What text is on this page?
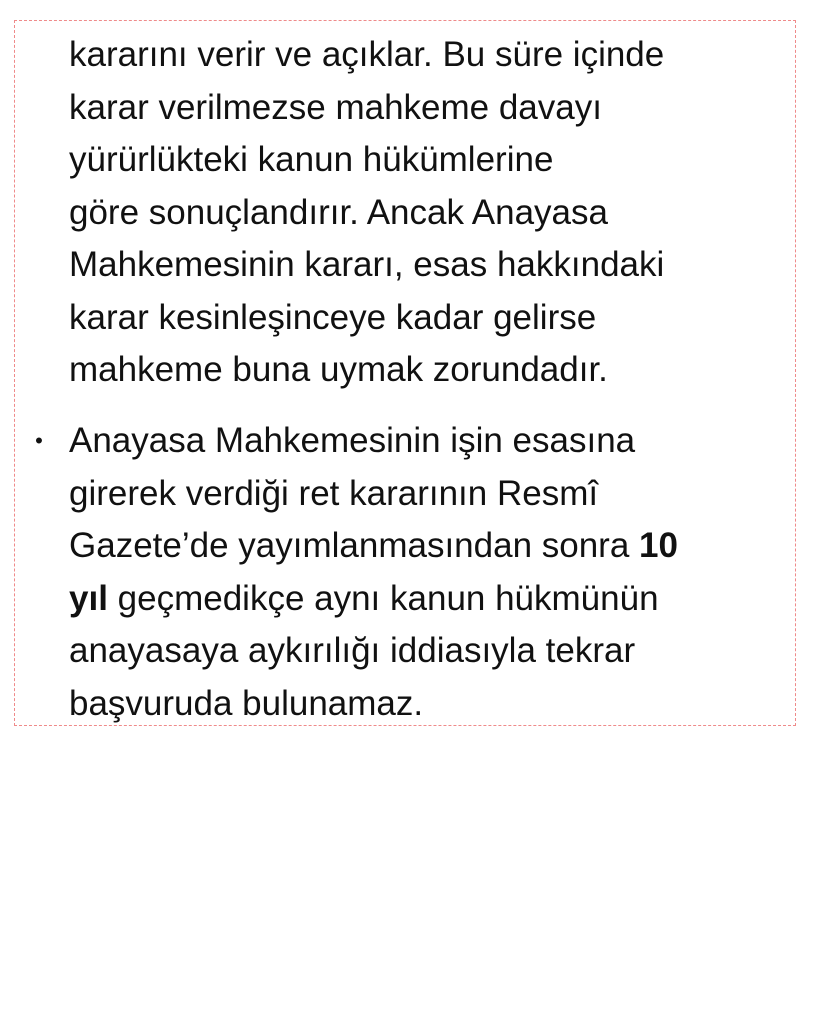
kararını verir ve açıklar. Bu süre içinde
karar verilmezse mahkeme davayı
yürürlükteki kanun hükümlerine
göre sonuçlandırır. Ancak Anayasa
Mahkemesinin kararı, esas hakkındaki
karar kesinleşinceye kadar gelirse
mahkeme buna uymak zorundadır.

• Anayasa Mahkemesinin işin esasına
girerek verdiği ret kararının Resmî
Gazete’de yayımlanmasından sonra 10
yıl geçmedikçe aynı kanun hükmünün
anayasaya aykırılığı iddiasıyla tekrar
başvuruda bulunamaz.
